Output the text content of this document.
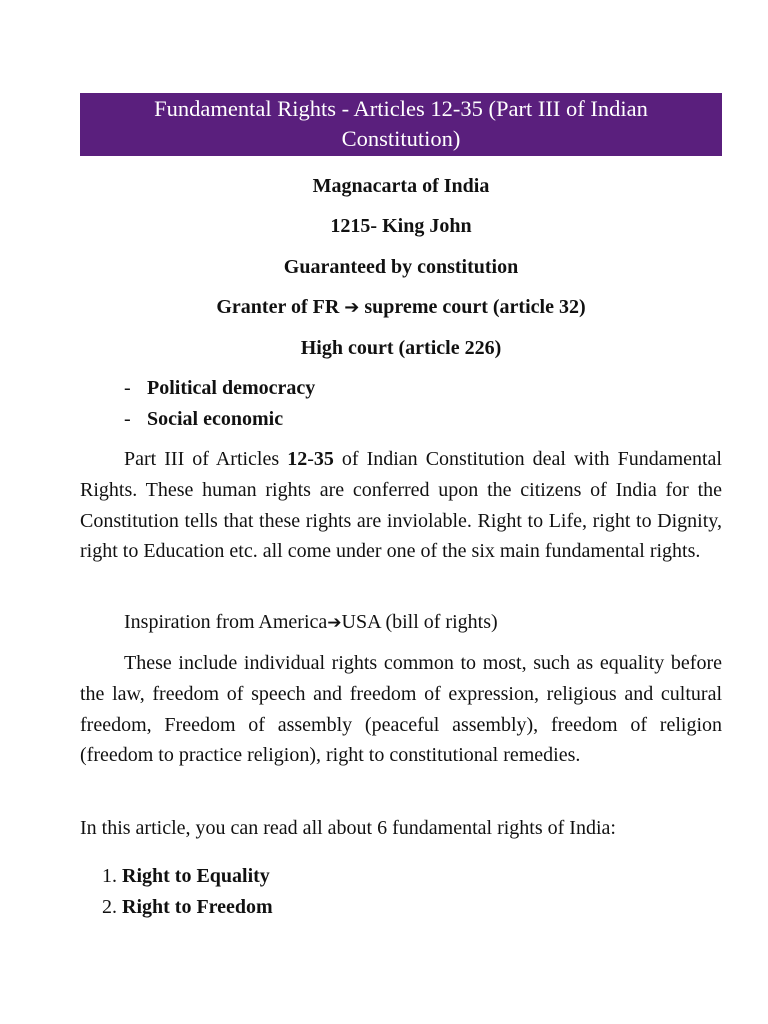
Fundamental Rights - Articles 12-35 (Part III of Indian
Constitution)
Magnacarta of India
1215- King John
Guaranteed by constitution
Granter of FR ➔ supreme court (article 32)
High court (article 226)
- Political democracy
- Social economic
Part III of Articles 12-35 of Indian Constitution deal with Fundamental Rights. These human rights are conferred upon the citizens of India for the Constitution tells that these rights are inviolable. Right to Life, right to Dignity, right to Education etc. all come under one of the six main fundamental rights.
Inspiration from America➔USA (bill of rights)
These include individual rights common to most, such as equality before the law, freedom of speech and freedom of expression, religious and cultural freedom, Freedom of assembly (peaceful assembly), freedom of religion (freedom to practice religion), right to constitutional remedies.
In this article, you can read all about 6 fundamental rights of India:
1. Right to Equality
2. Right to Freedom
